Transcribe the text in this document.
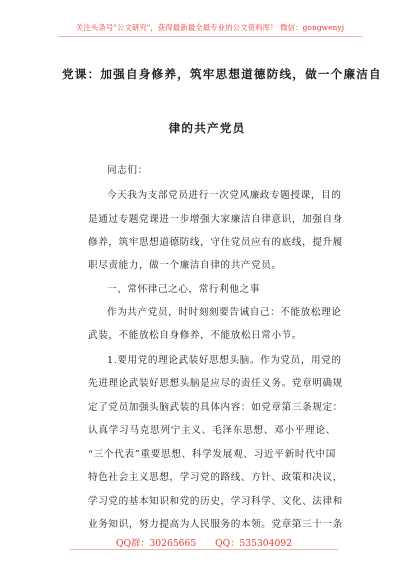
关注头条号"公文研究"，获得最新最全最专业的公文资料库！ 微信：gongwenyj
党课：加强自身修养，筑牢思想道德防线，做一个廉洁自
律的共产党员
同志们：
今天我为支部党员进行一次党风廉政专题授课，目的
是通过专题党课进一步增强大家廉洁自律意识，加强自身
修养，筑牢思想道德防线，守住党员应有的底线，提升履
职尽责能力，做一个廉洁自律的共产党员。
一、常怀律己之心，常行利他之事
作为共产党员，时时刻刻要告诫自己：不能放松理论
武装，不能放松自身修养，不能放松日常小节。
1.要用党的理论武装好思想头脑。作为党员，用党的
先进理论武装好思想头脑是应尽的责任义务。党章明确规
定了党员加强头脑武装的具体内容：如党章第三条规定：
认真学习马克思列宁主义、毛泽东思想、邓小平理论、
“三个代表”重要思想、科学发展观、习近平新时代中国
特色社会主义思想，学习党的路线、方针、政策和决议，
学习党的基本知识和党的历史，学习科学、文化、法律和
业务知识，努力提高为人民服务的本领。党章第三十一条
QQ群：30265665 QQ：535304092
